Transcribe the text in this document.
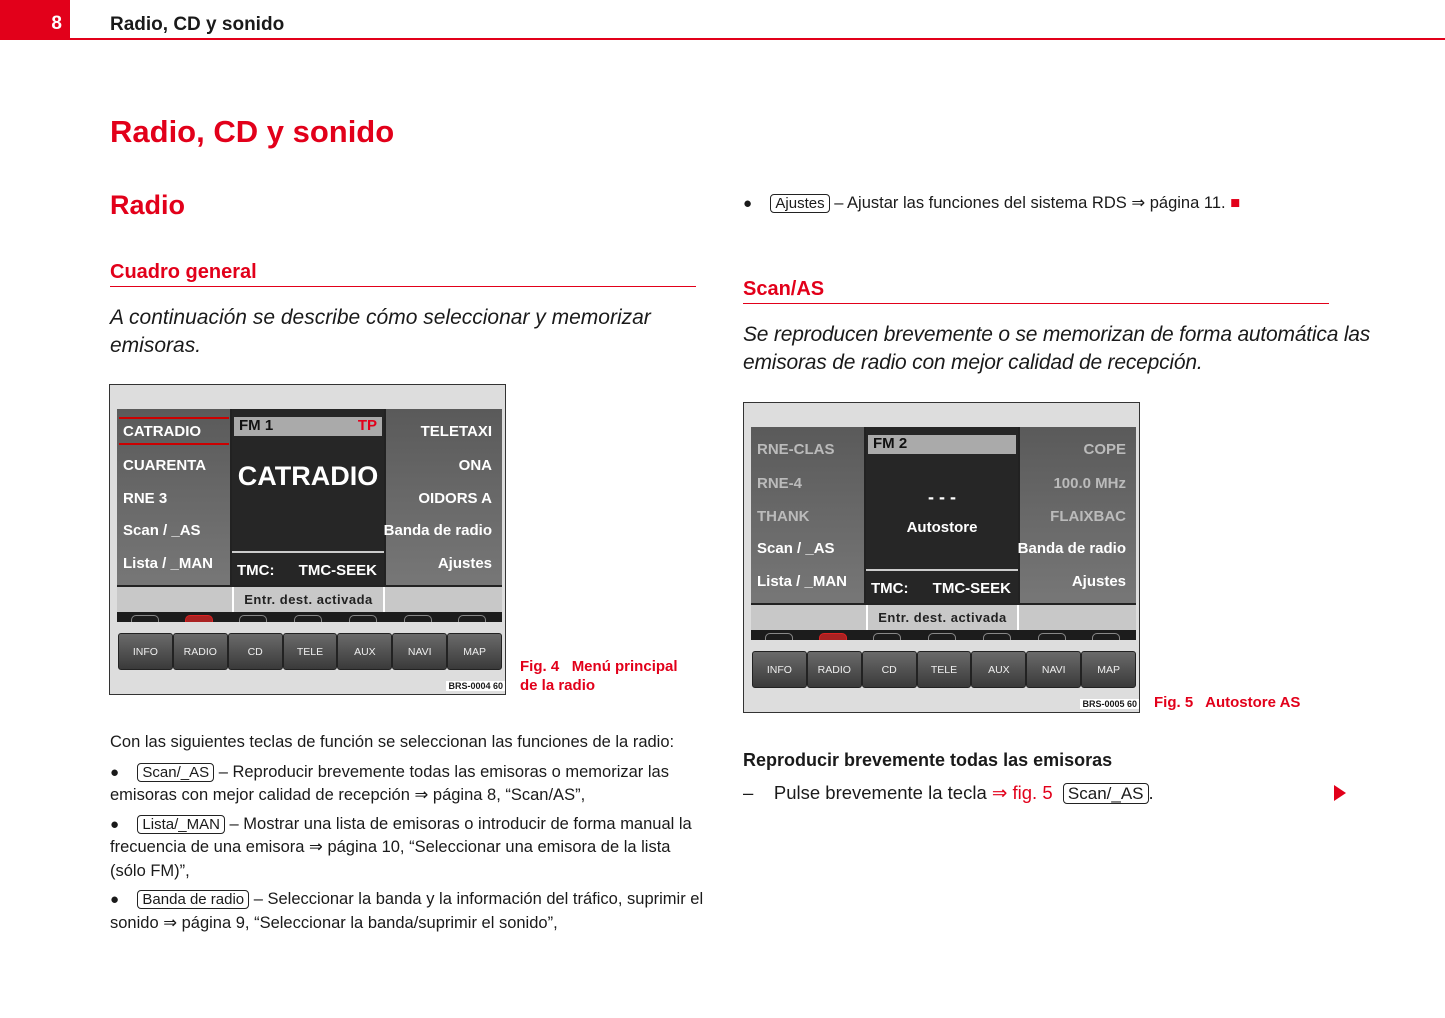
8	Radio, CD y sonido
Radio, CD y sonido
Radio
Cuadro general
A continuación se describe cómo seleccionar y memorizar emisoras.
CATRADIO
CUARENTA
RNE 3
Scan / _AS
Lista / _MAN
FM 1	TP
CATRADIO
TMC: TMC-SEEK
TELETAXI
ONA
OIDORS A
Banda de radio
Ajustes
Entr. dest. activada
INFO	RADIO	CD	TELE	AUX	NAVI	MAP
BRS-0004 60
Fig. 4 Menú principal de la radio
Con las siguientes teclas de función se seleccionan las funciones de la radio:
● Scan/_AS – Reproducir brevemente todas las emisoras o memorizar las emisoras con mejor calidad de recepción ⇒ página 8, “Scan/AS”,
● Lista/_MAN – Mostrar una lista de emisoras o introducir de forma manual la frecuencia de una emisora ⇒ página 10, “Seleccionar una emisora de la lista (sólo FM)”,
● Banda de radio – Seleccionar la banda y la información del tráfico, suprimir el sonido ⇒ página 9, “Seleccionar la banda/suprimir el sonido”,
● Ajustes – Ajustar las funciones del sistema RDS ⇒ página 11. ■
Scan/AS
Se reproducen brevemente o se memorizan de forma automática las emisoras de radio con mejor calidad de recepción.
RNE-CLAS
RNE-4
THANK
Scan / _AS
Lista / _MAN
FM 2
- - -
Autostore
TMC: TMC-SEEK
COPE
100.0 MHz
FLAIXBAC
Banda de radio
Ajustes
Entr. dest. activada
INFO	RADIO	CD	TELE	AUX	NAVI	MAP
BRS-0005 60 Fig. 5 Autostore AS
Reproducir brevemente todas las emisoras
– Pulse brevemente la tecla ⇒ fig. 5 Scan/_AS .
